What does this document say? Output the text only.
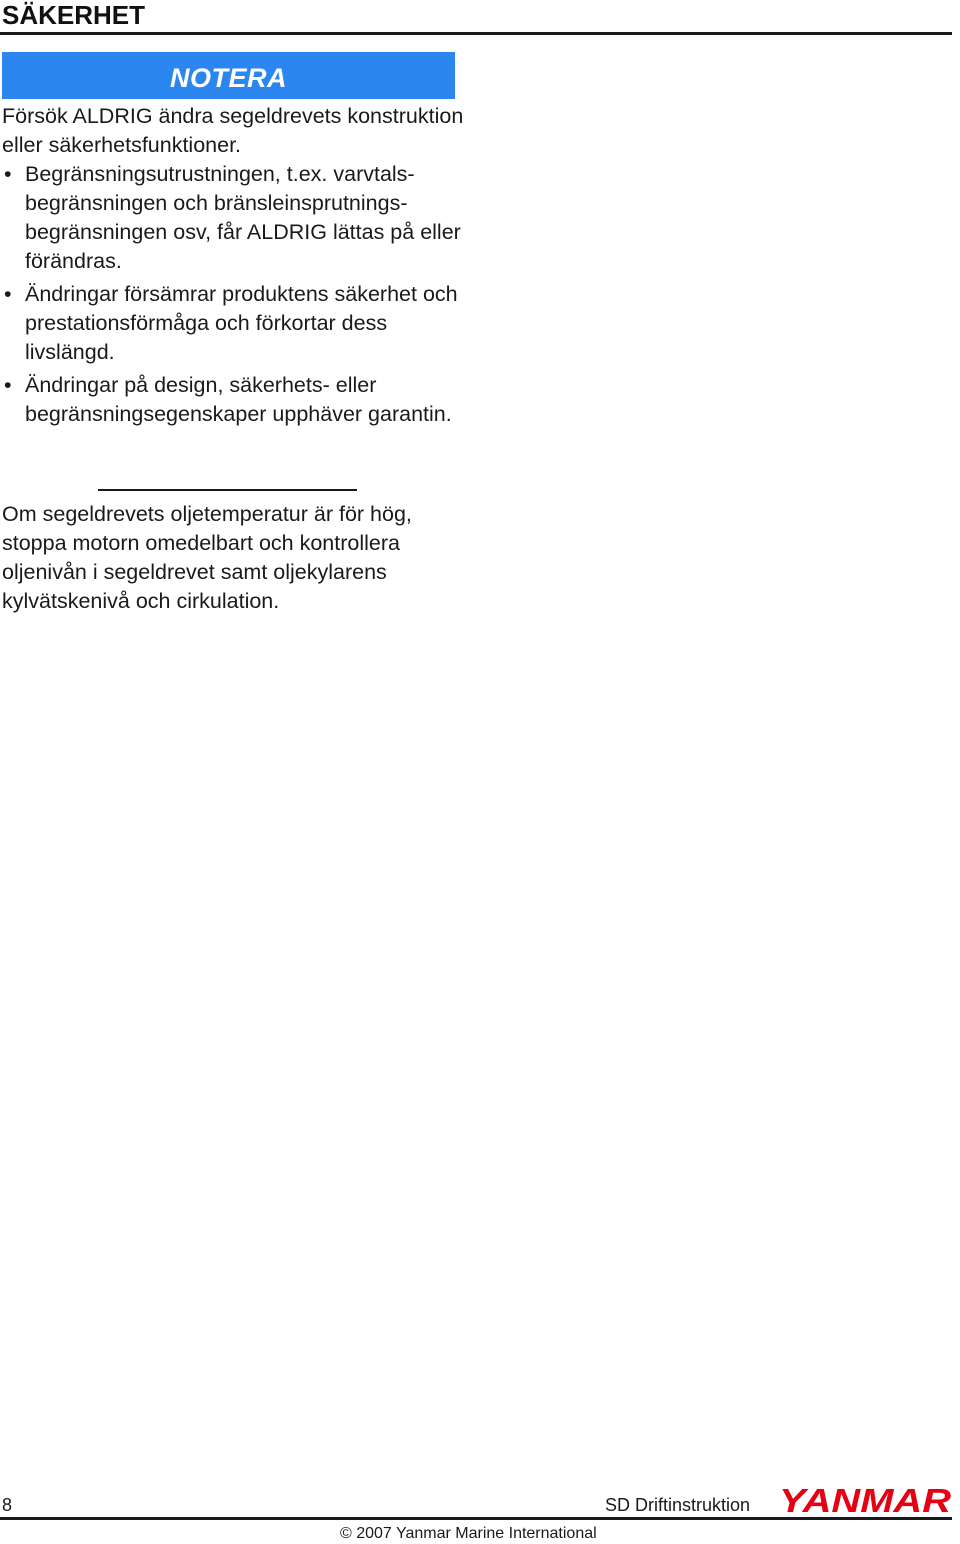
SÄKERHET
NOTERA

Försök ALDRIG ändra segeldrevets konstruktion eller säkerhetsfunktioner.

• Begränsningsutrustningen, t.ex. varvtals-begränsningen och bränsleinsprutnings-begränsningen osv, får ALDRIG lättas på eller förändras.
• Ändringar försämrar produktens säkerhet och prestationsförmåga och förkortar dess livslängd.
• Ändringar på design, säkerhets- eller begränsningsegenskaper upphäver garantin.

Om segeldrevets oljetemperatur är för hög, stoppa motorn omedelbart och kontrollera oljenivån i segeldrevet samt oljekylarens kylvätskenivå och cirkulation.

8	SD Driftinstruktion YANMAR
© 2007 Yanmar Marine International
